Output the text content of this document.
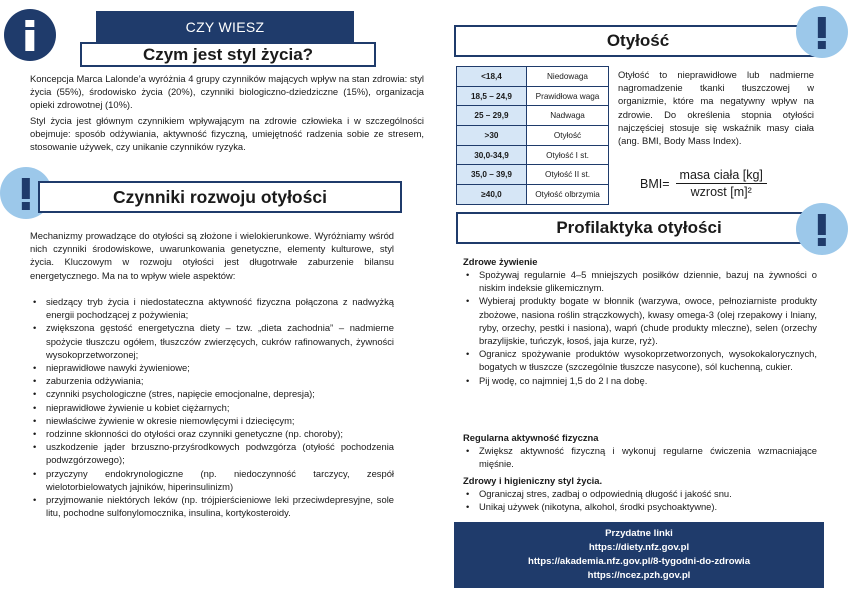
CZY WIESZ
Czym jest styl życia?
Koncepcja Marca Lalonde’a wyróżnia 4 grupy czynników mających wpływ na stan zdrowia: styl życia (55%), środowisko życia (20%), czynniki biologiczno-dziedziczne (15%), organizacja opieki zdrowotnej (10%).
Styl życia jest głównym czynnikiem wpływającym na zdrowie człowieka i w szczególności obejmuje: sposób odżywiania, aktywność fizyczną, umiejętność radzenia sobie ze stresem, stosowanie używek, czy unikanie czynników ryzyka.
Czynniki rozwoju otyłości
Mechanizmy prowadzące do otyłości są złożone i wielokierunkowe. Wyróżniamy wśród nich czynniki środowiskowe, uwarunkowania genetyczne, elementy kulturowe, styl życia. Kluczowym w rozwoju otyłości jest długotrwałe zaburzenie bilansu energetycznego. Ma na to wpływ wiele aspektów:
• siedzący tryb życia i niedostateczna aktywność fizyczna połączona z nadwyżką energii pochodzącej z pożywienia;
• zwiększona gęstość energetyczna diety – tzw. „dieta zachodnia” – nadmierne spożycie tłuszczu ogółem, tłuszczów zwierzęcych, cukrów rafinowanych, żywności wysokoprzetworzonej;
• nieprawidłowe nawyki żywieniowe;
• zaburzenia odżywiania;
• czynniki psychologiczne (stres, napięcie emocjonalne, depresja);
• nieprawidłowe żywienie u kobiet ciężarnych;
• niewłaściwe żywienie w okresie niemowlęcymi i dziecięcym;
• rodzinne skłonności do otyłości oraz czynniki genetyczne (np. choroby);
• uszkodzenie jąder brzuszno-przyśrodkowych podwzgórza (otyłość pochodzenia podwzgórzowego);
• przyczyny endokrynologiczne (np. niedoczynność tarczycy, zespół wielotorbielowatych jajników, hiperinsulinizm)
• przyjmowanie niektórych leków (np. trójpierścieniowe leki przeciwdepresyjne, sole litu, pochodne sulfonylomocznika, insulina, kortykosteroidy.
Otyłość
<18,4	Niedowaga
18,5 – 24,9	Prawidłowa waga
25 – 29,9	Nadwaga
>30	Otyłość
30,0-34,9	Otyłość I st.
35,0 – 39,9	Otyłość II st.
≥40,0	Otyłość olbrzymia
Otyłość to nieprawidłowe lub nadmierne nagromadzenie tkanki tłuszczowej w organizmie, które ma negatywny wpływ na zdrowie. Do określenia stopnia otyłości najczęściej stosuje się wskaźnik masy ciała (ang. BMI, Body Mass Index).
$BMI= \frac{\text{masa ciała [kg]}}{\text{wzrost [m]²}}$
Profilaktyka otyłości
Zdrowe żywienie
• Spożywaj regularnie 4–5 mniejszych posiłków dziennie, bazuj na żywności o niskim indeksie glikemicznym.
• Wybieraj produkty bogate w błonnik (warzywa, owoce, pełnoziarniste produkty zbożowe, nasiona roślin strączkowych), kwasy omega-3 (olej rzepakowy i lniany, ryby, orzechy, pestki i nasiona), wapń (chude produkty mleczne), selen (orzechy brazylijskie, tuńczyk, łosoś, jaja kurze, ryż).
• Ogranicz spożywanie produktów wysokoprzetworzonych, wysokokalorycznych, bogatych w tłuszcze (szczególnie tłuszcze nasycone), sól kuchenną, cukier.
• Pij wodę, co najmniej 1,5 do 2 l na dobę.
Regularna aktywność fizyczna
• Zwiększ aktywność fizyczną i wykonuj regularne ćwiczenia wzmacniające mięśnie.
Zdrowy i higieniczny styl życia.
• Ograniczaj stres, zadbaj o odpowiednią długość i jakość snu.
• Unikaj używek (nikotyna, alkohol, środki psychoaktywne).
Przydatne linki
https://diety.nfz.gov.pl
https://akademia.nfz.gov.pl/8-tygodni-do-zdrowia
https://ncez.pzh.gov.pl
